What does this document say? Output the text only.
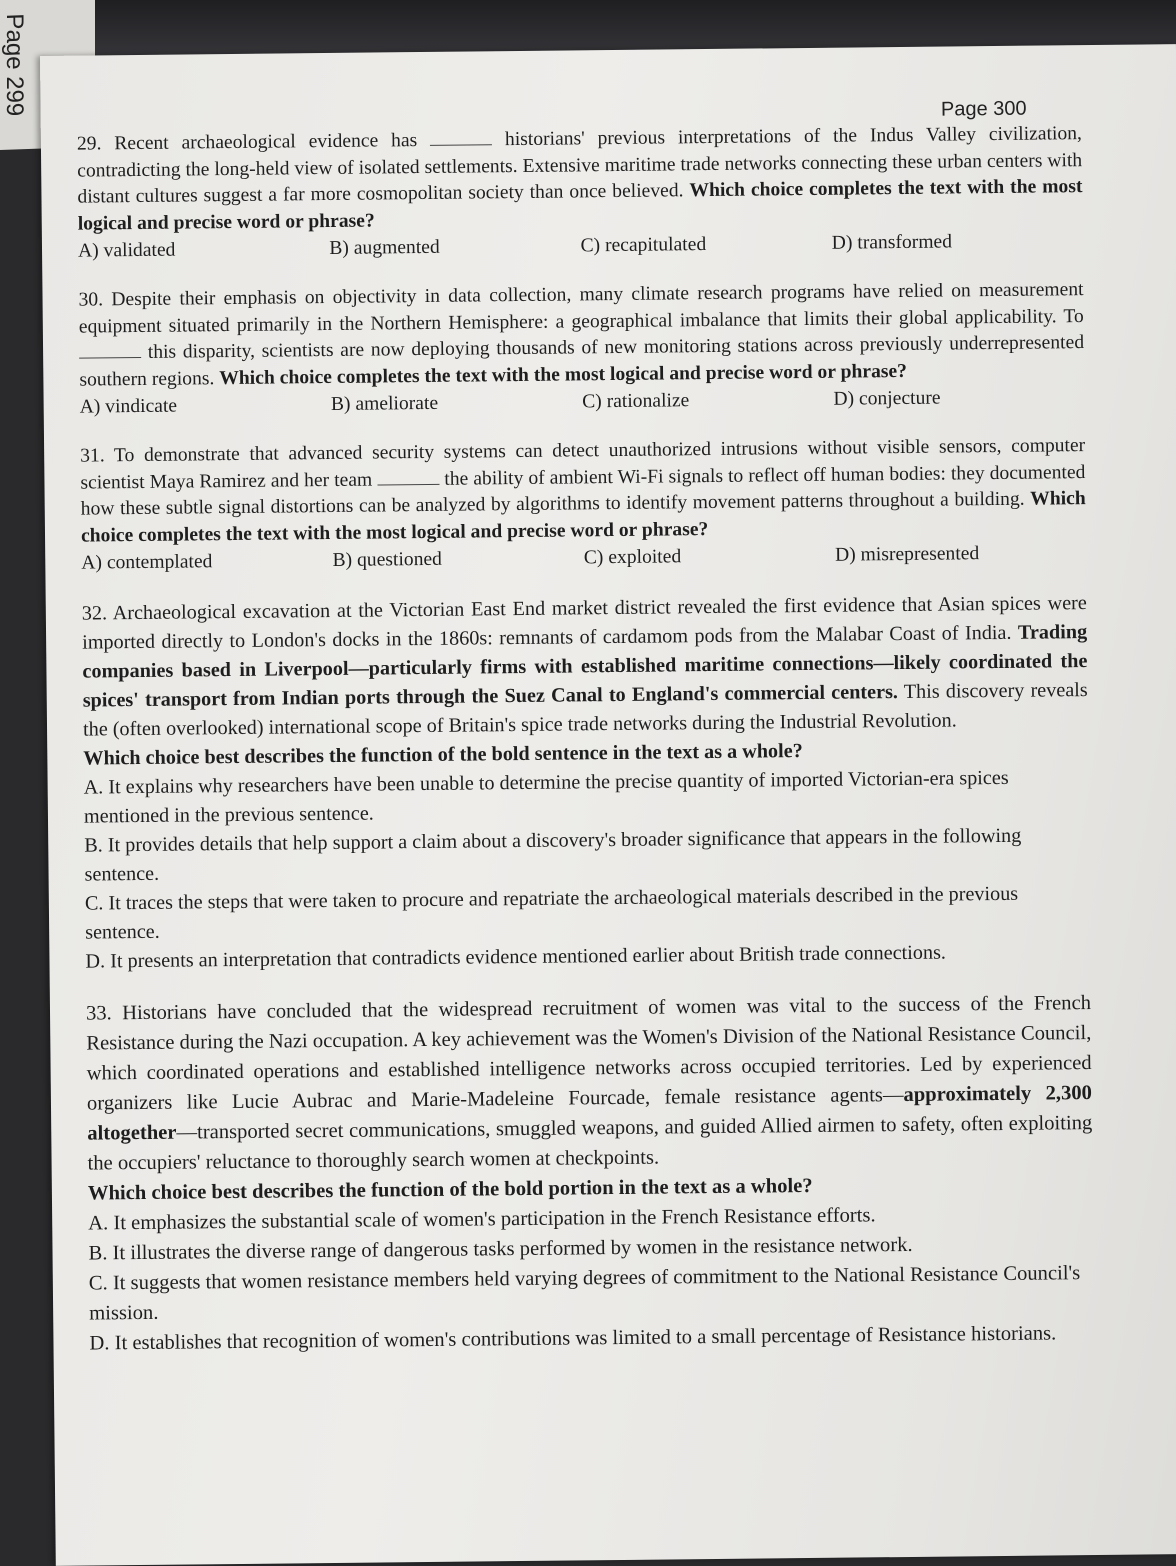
Page 299	Page 300

29. Recent archaeological evidence has	historians' previous interpretations of the Indus Valley civilization, contradicting the long-held view of isolated settlements. Extensive maritime trade networks connecting these urban centers with distant cultures suggest a far more cosmopolitan society than once believed. Which choice completes the text with the most logical and precise word or phrase?

A) validated	B) augmented	C) recapitulated	D) transformed

30. Despite their emphasis on objectivity in data collection, many climate research programs have relied on measurement equipment situated primarily in the Northern Hemisphere: a geographical imbalance that limits their global applicability. To  this disparity, scientists are now deploying thousands of new monitoring stations across previously underrepresented southern regions. Which choice completes the text with the most logical and precise word or phrase?

A) vindicate	B) ameliorate	C) rationalize	D) conjecture

31. To demonstrate that advanced security systems can detect unauthorized intrusions without visible sensors, computer scientist Maya Ramirez and her team	the ability of ambient Wi-Fi signals to reflect off human bodies: they documented how these subtle signal distortions can be analyzed by algorithms to identify movement patterns throughout a building. Which choice completes the text with the most logical and precise word or phrase?

A) contemplated	B) questioned	C) exploited	D) misrepresented

32. Archaeological excavation at the Victorian East End market district revealed the first evidence that Asian spices were imported directly to London's docks in the 1860s: remnants of cardamom pods from the Malabar Coast of India. Trading companies based in Liverpool—particularly firms with established maritime connections—likely coordinated the spices' transport from Indian ports through the Suez Canal to England's commercial centers. This discovery reveals the (often overlooked) international scope of Britain's spice trade networks during the Industrial Revolution.

Which choice best describes the function of the bold sentence in the text as a whole?

A. It explains why researchers have been unable to determine the precise quantity of imported Victorian-era spices mentioned in the previous sentence.
B. It provides details that help support a claim about a discovery's broader significance that appears in the following sentence.
C. It traces the steps that were taken to procure and repatriate the archaeological materials described in the previous sentence.
D. It presents an interpretation that contradicts evidence mentioned earlier about British trade connections.

33. Historians have concluded that the widespread recruitment of women was vital to the success of the French Resistance during the Nazi occupation. A key achievement was the Women's Division of the National Resistance Council, which coordinated operations and established intelligence networks across occupied territories. Led by experienced organizers like Lucie Aubrac and Marie-Madeleine Fourcade, female resistance agents—approximately 2,300 altogether—transported secret communications, smuggled weapons, and guided Allied airmen to safety, often exploiting the occupiers' reluctance to thoroughly search women at checkpoints.

Which choice best describes the function of the bold portion in the text as a whole?

A. It emphasizes the substantial scale of women's participation in the French Resistance efforts.
B. It illustrates the diverse range of dangerous tasks performed by women in the resistance network.
C. It suggests that women resistance members held varying degrees of commitment to the National Resistance Council's mission.
D. It establishes that recognition of women's contributions was limited to a small percentage of Resistance historians.
